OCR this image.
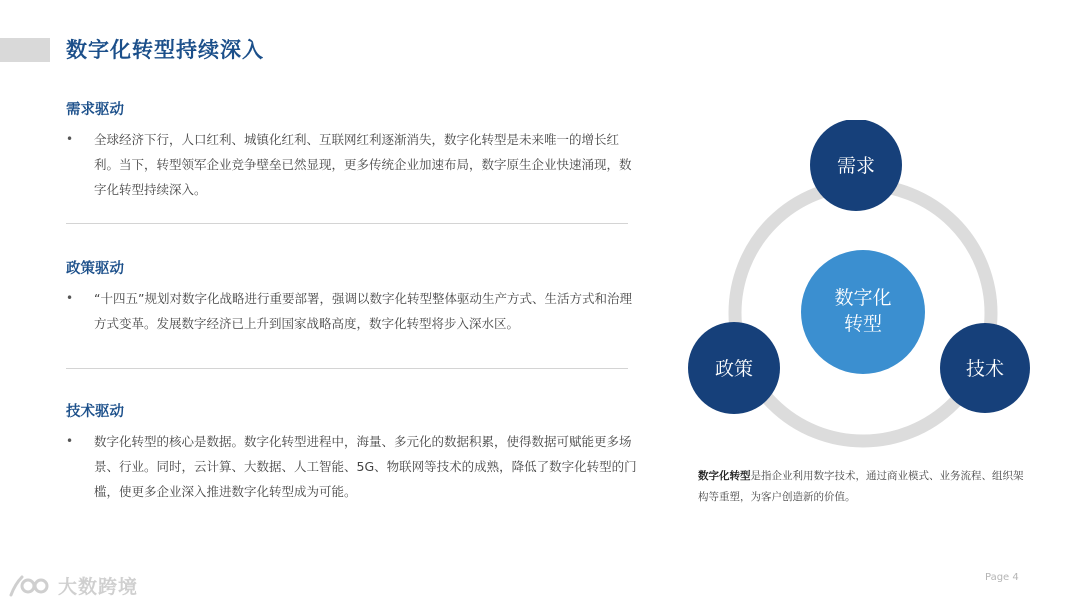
数字化转型持续深入
需求驱动
•	全球经济下行，人口红利、城镇化红利、互联网红利逐渐消失，数字化转型是未来唯一的增长红利。当下，转型领军企业竞争壁垒已然显现，更多传统企业加速布局，数字原生企业快速涌现，数字化转型持续深入。
政策驱动
•	“十四五”规划对数字化战略进行重要部署，强调以数字化转型整体驱动生产方式、生活方式和治理方式变革。发展数字经济已上升到国家战略高度，数字化转型将步入深水区。
技术驱动
•	数字化转型的核心是数据。数字化转型进程中，海量、多元化的数据积累，使得数据可赋能更多场景、行业。同时，云计算、大数据、人工智能、5G、物联网等技术的成熟，降低了数字化转型的门槛，使更多企业深入推进数字化转型成为可能。
数字化
转型
需求
政策	技术
数字化转型是指企业利用数字技术，通过商业模式、业务流程、组织架构等重塑，为客户创造新的价值。
Page 4
大数跨境
